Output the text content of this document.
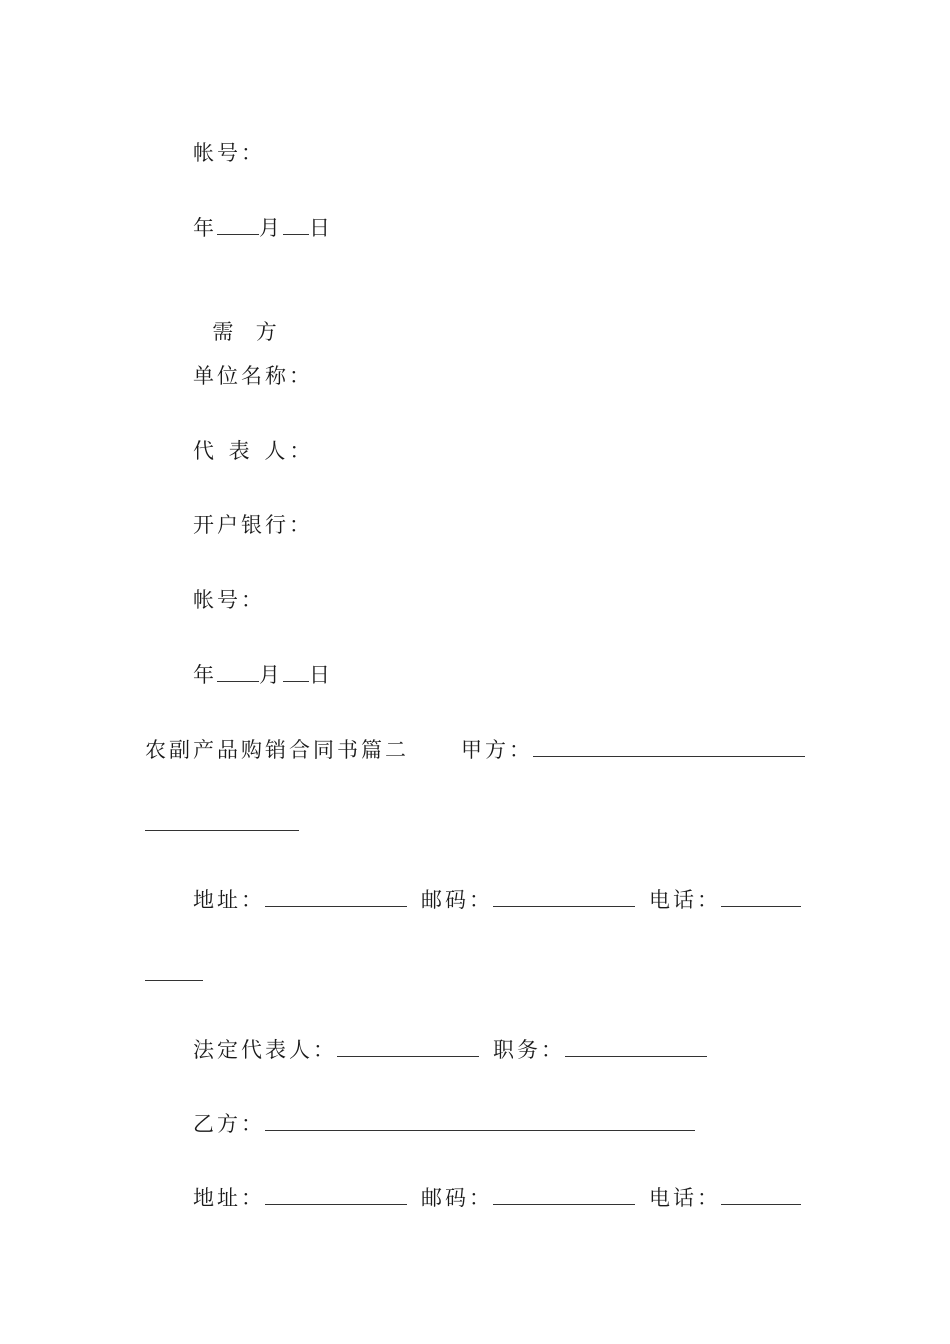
帐号：
年 月 日

需  方

单位名称：
代 表 人：
开户银行：
帐号：
年 月 日
农副产品购销合同书篇二 甲方：
地址：	邮码：	电话：
法定代表人：	职务：
乙方：
地址：	邮码：	电话：
